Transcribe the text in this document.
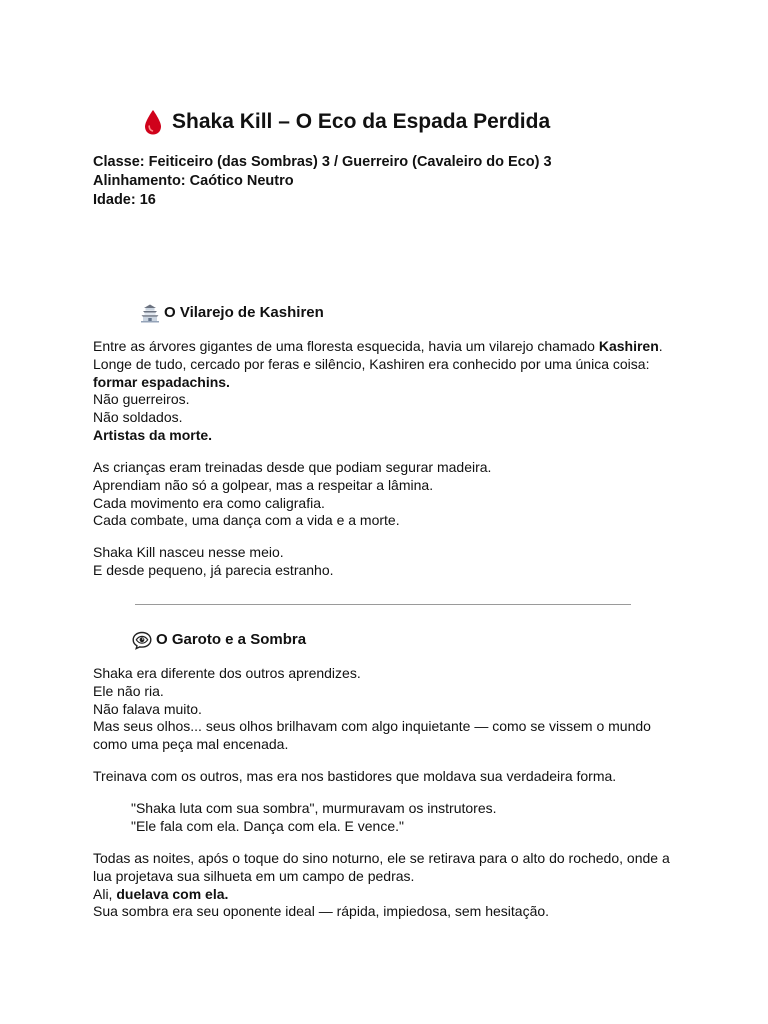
Shaka Kill – O Eco da Espada Perdida
Classe: Feiticeiro (das Sombras) 3 / Guerreiro (Cavaleiro do Eco) 3
Alinhamento: Caótico Neutro
Idade: 16
O Vilarejo de Kashiren
Entre as árvores gigantes de uma floresta esquecida, havia um vilarejo chamado Kashiren.
Longe de tudo, cercado por feras e silêncio, Kashiren era conhecido por uma única coisa:
formar espadachins.
Não guerreiros.
Não soldados.
Artistas da morte.
As crianças eram treinadas desde que podiam segurar madeira.
Aprendiam não só a golpear, mas a respeitar a lâmina.
Cada movimento era como caligrafia.
Cada combate, uma dança com a vida e a morte.
Shaka Kill nasceu nesse meio.
E desde pequeno, já parecia estranho.
O Garoto e a Sombra
Shaka era diferente dos outros aprendizes.
Ele não ria.
Não falava muito.
Mas seus olhos... seus olhos brilhavam com algo inquietante — como se vissem o mundo como uma peça mal encenada.
Treinava com os outros, mas era nos bastidores que moldava sua verdadeira forma.
"Shaka luta com sua sombra", murmuravam os instrutores.
"Ele fala com ela. Dança com ela. E vence."
Todas as noites, após o toque do sino noturno, ele se retirava para o alto do rochedo, onde a lua projetava sua silhueta em um campo de pedras.
Ali, duelava com ela.
Sua sombra era seu oponente ideal — rápida, impiedosa, sem hesitação.
